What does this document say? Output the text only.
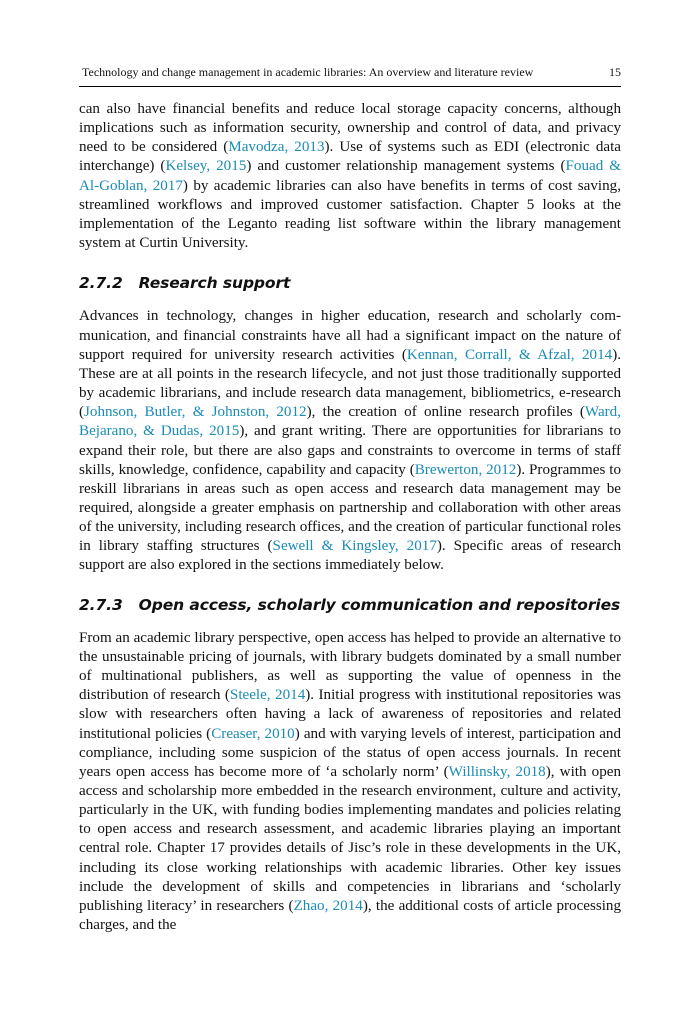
Technology and change management in academic libraries: An overview and literature review	15

can also have financial benefits and reduce local storage capacity concerns, although implications such as information security, ownership and control of data, and privacy need to be considered (Mavodza, 2013). Use of systems such as EDI (electronic data interchange) (Kelsey, 2015) and customer relationship management systems (Fouad & Al-Goblan, 2017) by academic libraries can also have benefits in terms of cost saving, streamlined workflows and improved customer satisfaction. Chapter 5 looks at the implementation of the Leganto reading list software within the library management system at Curtin University.

2.7.2 Research support

Advances in technology, changes in higher education, research and scholarly communication, and financial constraints have all had a significant impact on the nature of support required for university research activities (Kennan, Corrall, & Afzal, 2014). These are at all points in the research lifecycle, and not just those traditionally supported by academic librarians, and include research data management, bibliometrics, e-research (Johnson, Butler, & Johnston, 2012), the creation of online research profiles (Ward, Bejarano, & Dudas, 2015), and grant writing. There are opportunities for librarians to expand their role, but there are also gaps and constraints to overcome in terms of staff skills, knowledge, confidence, capability and capacity (Brewerton, 2012). Programmes to reskill librarians in areas such as open access and research data management may be required, alongside a greater emphasis on partnership and collaboration with other areas of the university, including research offices, and the creation of particular functional roles in library staffing structures (Sewell & Kingsley, 2017). Specific areas of research support are also explored in the sections immediately below.

2.7.3 Open access, scholarly communication and repositories

From an academic library perspective, open access has helped to provide an alternative to the unsustainable pricing of journals, with library budgets dominated by a small number of multinational publishers, as well as supporting the value of openness in the distribution of research (Steele, 2014). Initial progress with institutional repositories was slow with researchers often having a lack of awareness of repositories and related institutional policies (Creaser, 2010) and with varying levels of interest, participation and compliance, including some suspicion of the status of open access journals. In recent years open access has become more of ‘a scholarly norm’ (Willinsky, 2018), with open access and scholarship more embedded in the research environment, culture and activity, particularly in the UK, with funding bodies implementing mandates and policies relating to open access and research assessment, and academic libraries playing an important central role. Chapter 17 provides details of Jisc’s role in these developments in the UK, including its close working relationships with academic libraries. Other key issues include the development of skills and competencies in librarians and ‘scholarly publishing literacy’ in researchers (Zhao, 2014), the additional costs of article processing charges, and the
